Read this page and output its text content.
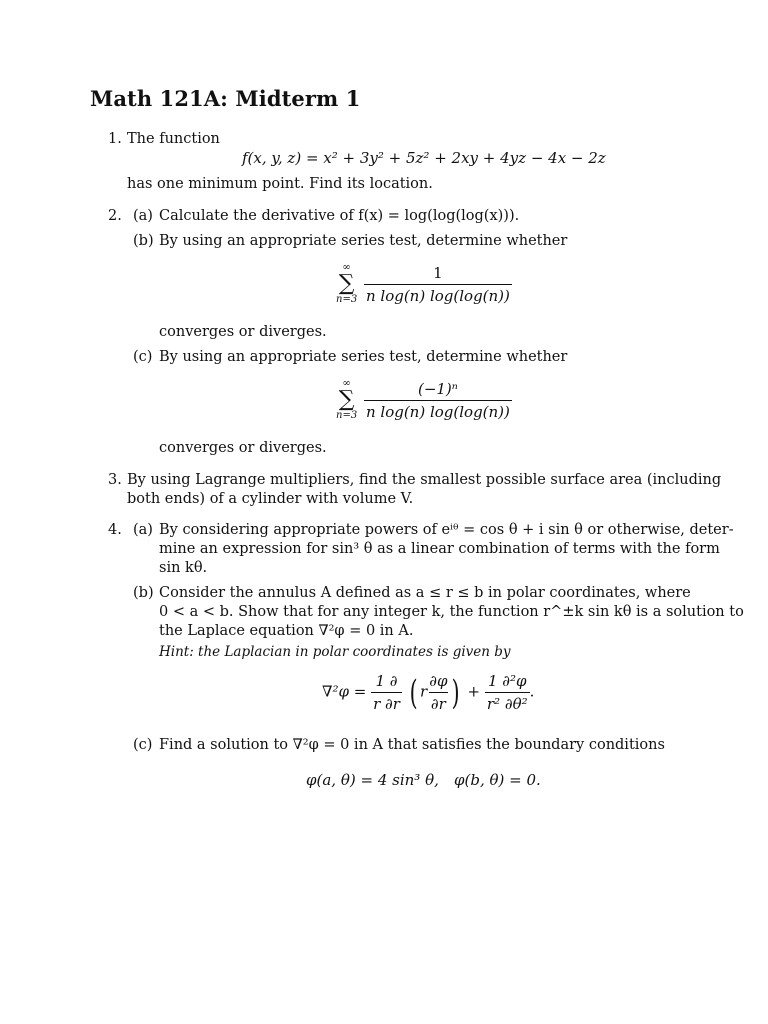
Math 121A: Midterm 1
1. The function
f(x, y, z) = x² + 3y² + 5z² + 2xy + 4yz − 4x − 2z
has one minimum point. Find its location.
2. (a) Calculate the derivative of f(x) = log(log(log(x))).
(b) By using an appropriate series test, determine whether
∞
∑
n=3
$\frac{1}{\text{n log(n) log(log(n))}}$
converges or diverges.
(c) By using an appropriate series test, determine whether
∞
∑
n=3
$\frac{\text{(−1)ⁿ}}{\text{n log(n) log(log(n))}}$
converges or diverges.
3. By using Lagrange multipliers, find the smallest possible surface area (including
both ends) of a cylinder with volume V.
4. (a) By considering appropriate powers of eⁱᶿ = cos θ + i sin θ or otherwise, deter-
mine an expression for sin³ θ as a linear combination of terms with the form
sin kθ.
(b) Consider the annulus A defined as a ≤ r ≤ b in polar coordinates, where
0 < a < b. Show that for any integer k, the function r^±k sin kθ is a solution to
the Laplace equation ∇²φ = 0 in A.
Hint: the Laplacian in polar coordinates is given by
$\nabla^2\varphi = \frac{1 \partial}{r \partial r}$ ( r $\frac{\partial\varphi}{\partial r}$ ) + $\frac{\text{1 ∂²φ}}{\text{r² ∂θ²}}$ .
(c) Find a solution to ∇²φ = 0 in A that satisfies the boundary conditions
φ(a, θ) = 4 sin³ θ, φ(b, θ) = 0.
